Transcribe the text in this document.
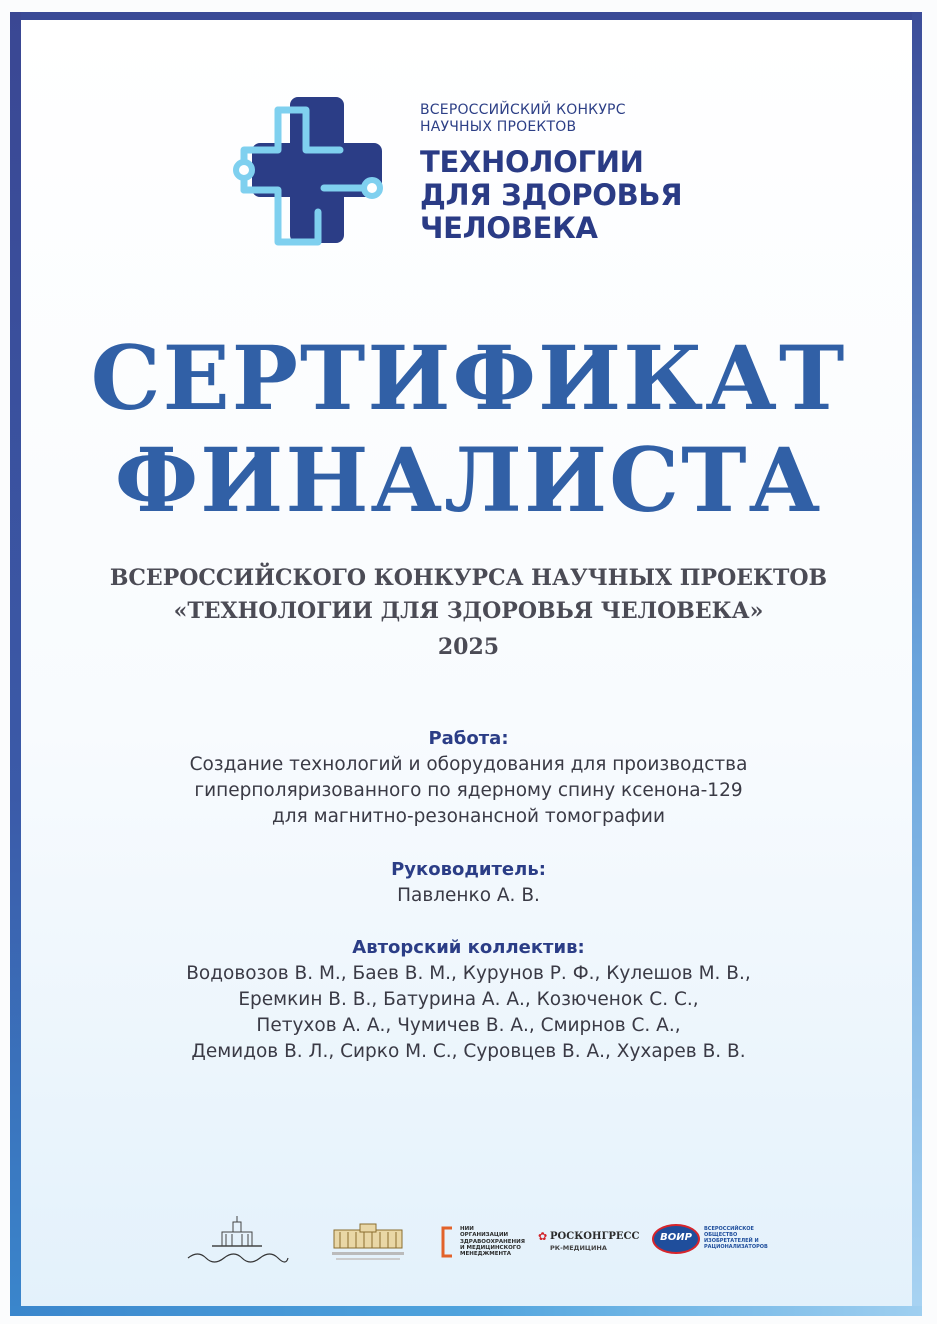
ВСЕРОССИЙСКИЙ КОНКУРС

НАУЧНЫХ ПРОЕКТОВ

ТЕХНОЛОГИИ

ДЛЯ ЗДОРОВЬЯ

ЧЕЛОВЕКА

СЕРТИФИКАТ

ФИНАЛИСТА

ВСЕРОССИЙСКОГО КОНКУРСА НАУЧНЫХ ПРОЕКТОВ

«ТЕХНОЛОГИИ ДЛЯ ЗДОРОВЬЯ ЧЕЛОВЕКА»

2025

Работа:

Создание технологий и оборудования для производства

гиперполяризованного по ядерному спину ксенона-129

для магнитно-резонансной томографии

Руководитель:

Павленко А. В.

Авторский коллектив:

Водовозов В. М., Баев В. М., Курунов Р. Ф., Кулешов М. В.,

Еремкин В. В., Батурина А. А., Козюченок С. С.,

Петухов А. А., Чумичев В. А., Смирнов С. А.,

Демидов В. Л., Сирко М. С., Суровцев В. А., Хухарев В. В.

НИИ
ОРГАНИЗАЦИИ
ЗДРАВООХРАНЕНИЯ
И МЕДИЦИНСКОГО
МЕНЕДЖМЕНТА
✿ РОСКОНГРЕСС
РК-МЕДИЦИНА
ВОИР
ВСЕРОССИЙСКОЕ
ОБЩЕСТВО
ИЗОБРЕТАТЕЛЕЙ И
РАЦИОНАЛИЗАТОРОВ
